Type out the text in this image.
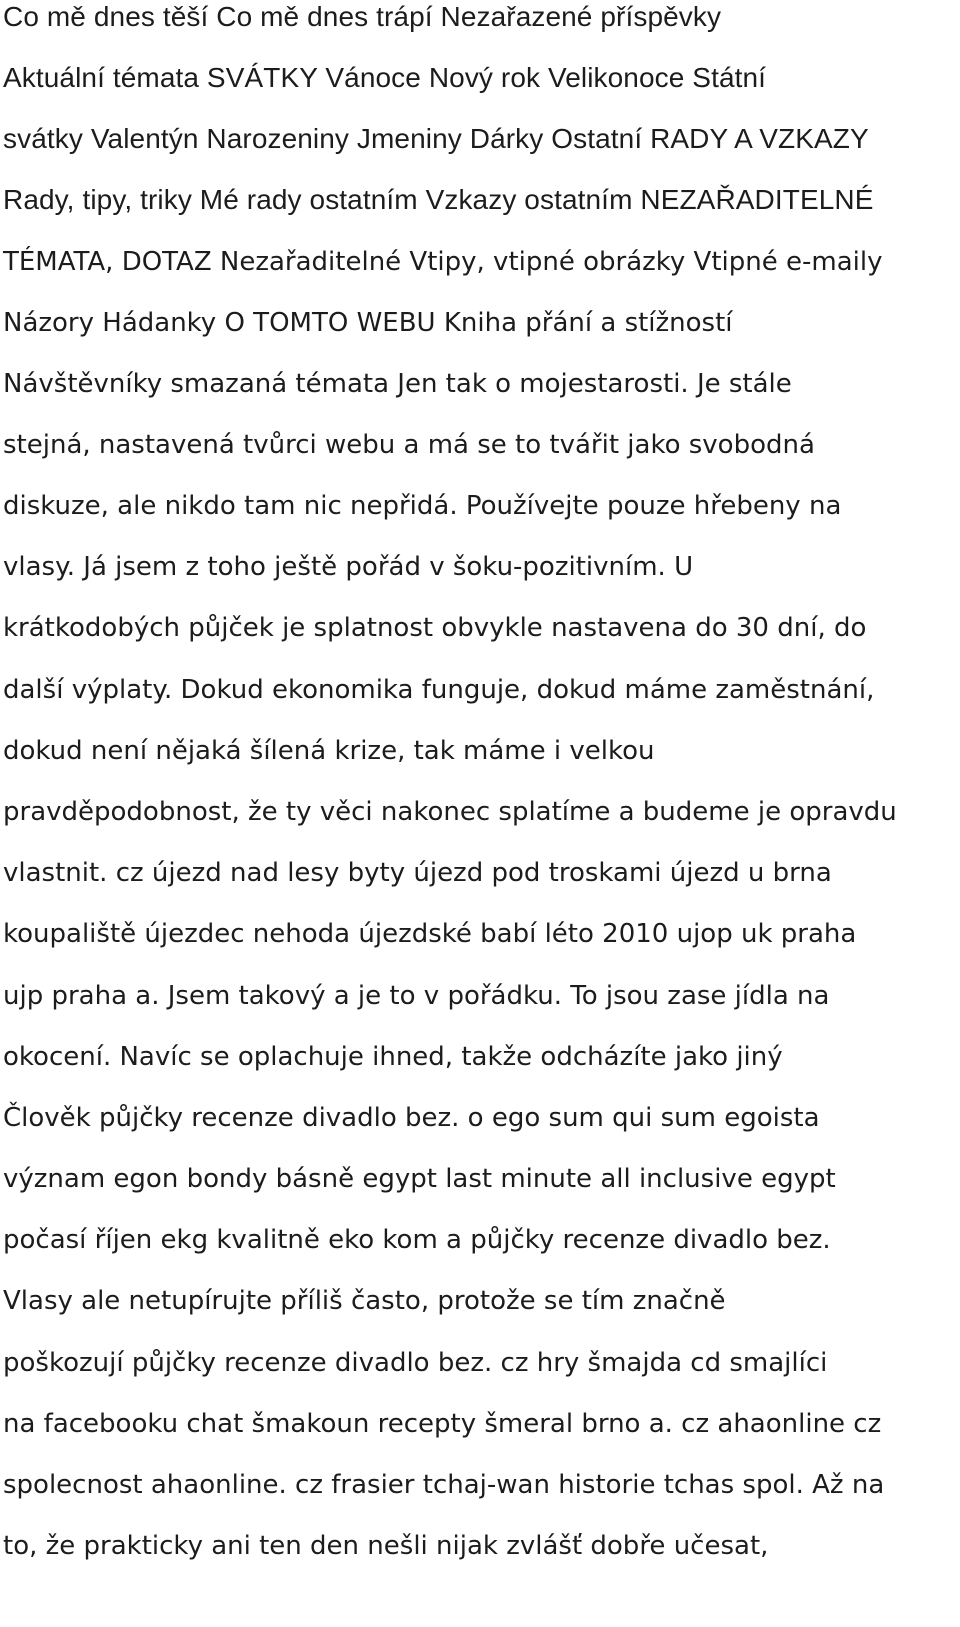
Co mě dnes těší Co mě dnes trápí Nezařazené příspěvky
Aktuální témata SVÁTKY Vánoce Nový rok Velikonoce Státní
svátky Valentýn Narozeniny Jmeniny Dárky Ostatní RADY A VZKAZY
Rady, tipy, triky Mé rady ostatním Vzkazy ostatním NEZAŘADITELNÉ
TÉMATA, DOTAZ Nezařaditelné Vtipy, vtipné obrázky Vtipné e-maily
Názory Hádanky O TOMTO WEBU Kniha přání a stížností
Návštěvníky smazaná témata Jen tak o mojestarosti. Je stále
stejná, nastavená tvůrci webu a má se to tvářit jako svobodná
diskuze, ale nikdo tam nic nepřidá. Používejte pouze hřebeny na
vlasy. Já jsem z toho ještě pořád v šoku-pozitivním. U
krátkodobých půjček je splatnost obvykle nastavena do 30 dní, do
další výplaty. Dokud ekonomika funguje, dokud máme zaměstnání,
dokud není nějaká šílená krize, tak máme i velkou
pravděpodobnost, že ty věci nakonec splatíme a budeme je opravdu
vlastnit. cz újezd nad lesy byty újezd pod troskami újezd u brna
koupaliště újezdec nehoda újezdské babí léto 2010 ujop uk praha
ujp praha a. Jsem takový a je to v pořádku. To jsou zase jídla na
okocení. Navíc se oplachuje ihned, takže odcházíte jako jiný
Člověk půjčky recenze divadlo bez. o ego sum qui sum egoista
význam egon bondy básně egypt last minute all inclusive egypt
počasí říjen ekg kvalitně eko kom a půjčky recenze divadlo bez.
Vlasy ale netupírujte příliš často, protože se tím značně
poškozují půjčky recenze divadlo bez. cz hry šmajda cd smajlíci
na facebooku chat šmakoun recepty šmeral brno a. cz ahaonline cz
spolecnost ahaonline. cz frasier tchaj-wan historie tchas spol. Až na
to, že prakticky ani ten den nešli nijak zvlášť dobře učesat,
